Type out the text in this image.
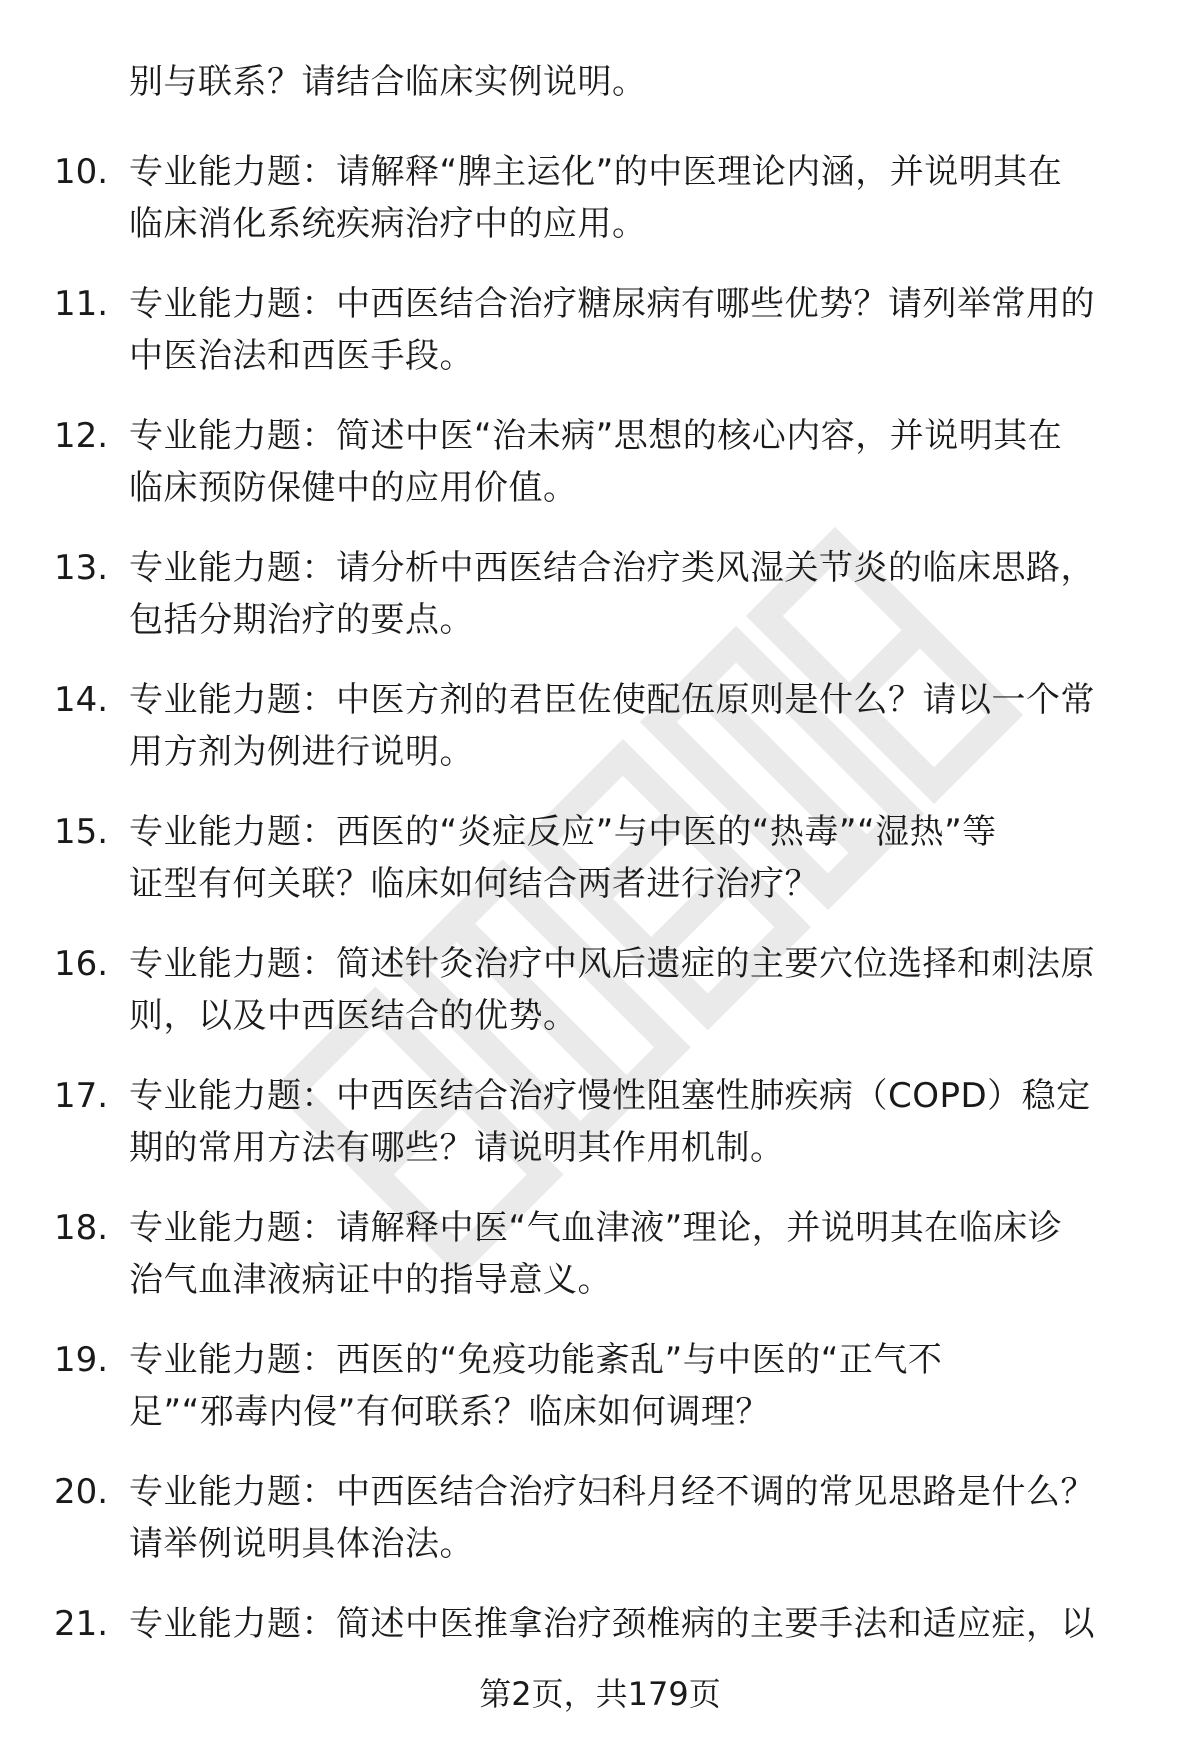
别与联系？请结合临床实例说明。
10. 专业能力题：请解释“脾主运化”的中医理论内涵，并说明其在
临床消化系统疾病治疗中的应用。
11. 专业能力题：中西医结合治疗糖尿病有哪些优势？请列举常用的
中医治法和西医手段。
12. 专业能力题：简述中医“治未病”思想的核心内容，并说明其在
临床预防保健中的应用价值。
13. 专业能力题：请分析中西医结合治疗类风湿关节炎的临床思路，
包括分期治疗的要点。
14. 专业能力题：中医方剂的君臣佐使配伍原则是什么？请以一个常
用方剂为例进行说明。
15. 专业能力题：西医的“炎症反应”与中医的“热毒”“湿热”等
证型有何关联？临床如何结合两者进行治疗？
16. 专业能力题：简述针灸治疗中风后遗症的主要穴位选择和刺法原
则，以及中西医结合的优势。
17. 专业能力题：中西医结合治疗慢性阻塞性肺疾病（COPD）稳定
期的常用方法有哪些？请说明其作用机制。
18. 专业能力题：请解释中医“气血津液”理论，并说明其在临床诊
治气血津液病证中的指导意义。
19. 专业能力题：西医的“免疫功能紊乱”与中医的“正气不
足”“邪毒内侵”有何联系？临床如何调理？
20. 专业能力题：中西医结合治疗妇科月经不调的常见思路是什么？
请举例说明具体治法。
21. 专业能力题：简述中医推拿治疗颈椎病的主要手法和适应症，以
第2页，共179页
